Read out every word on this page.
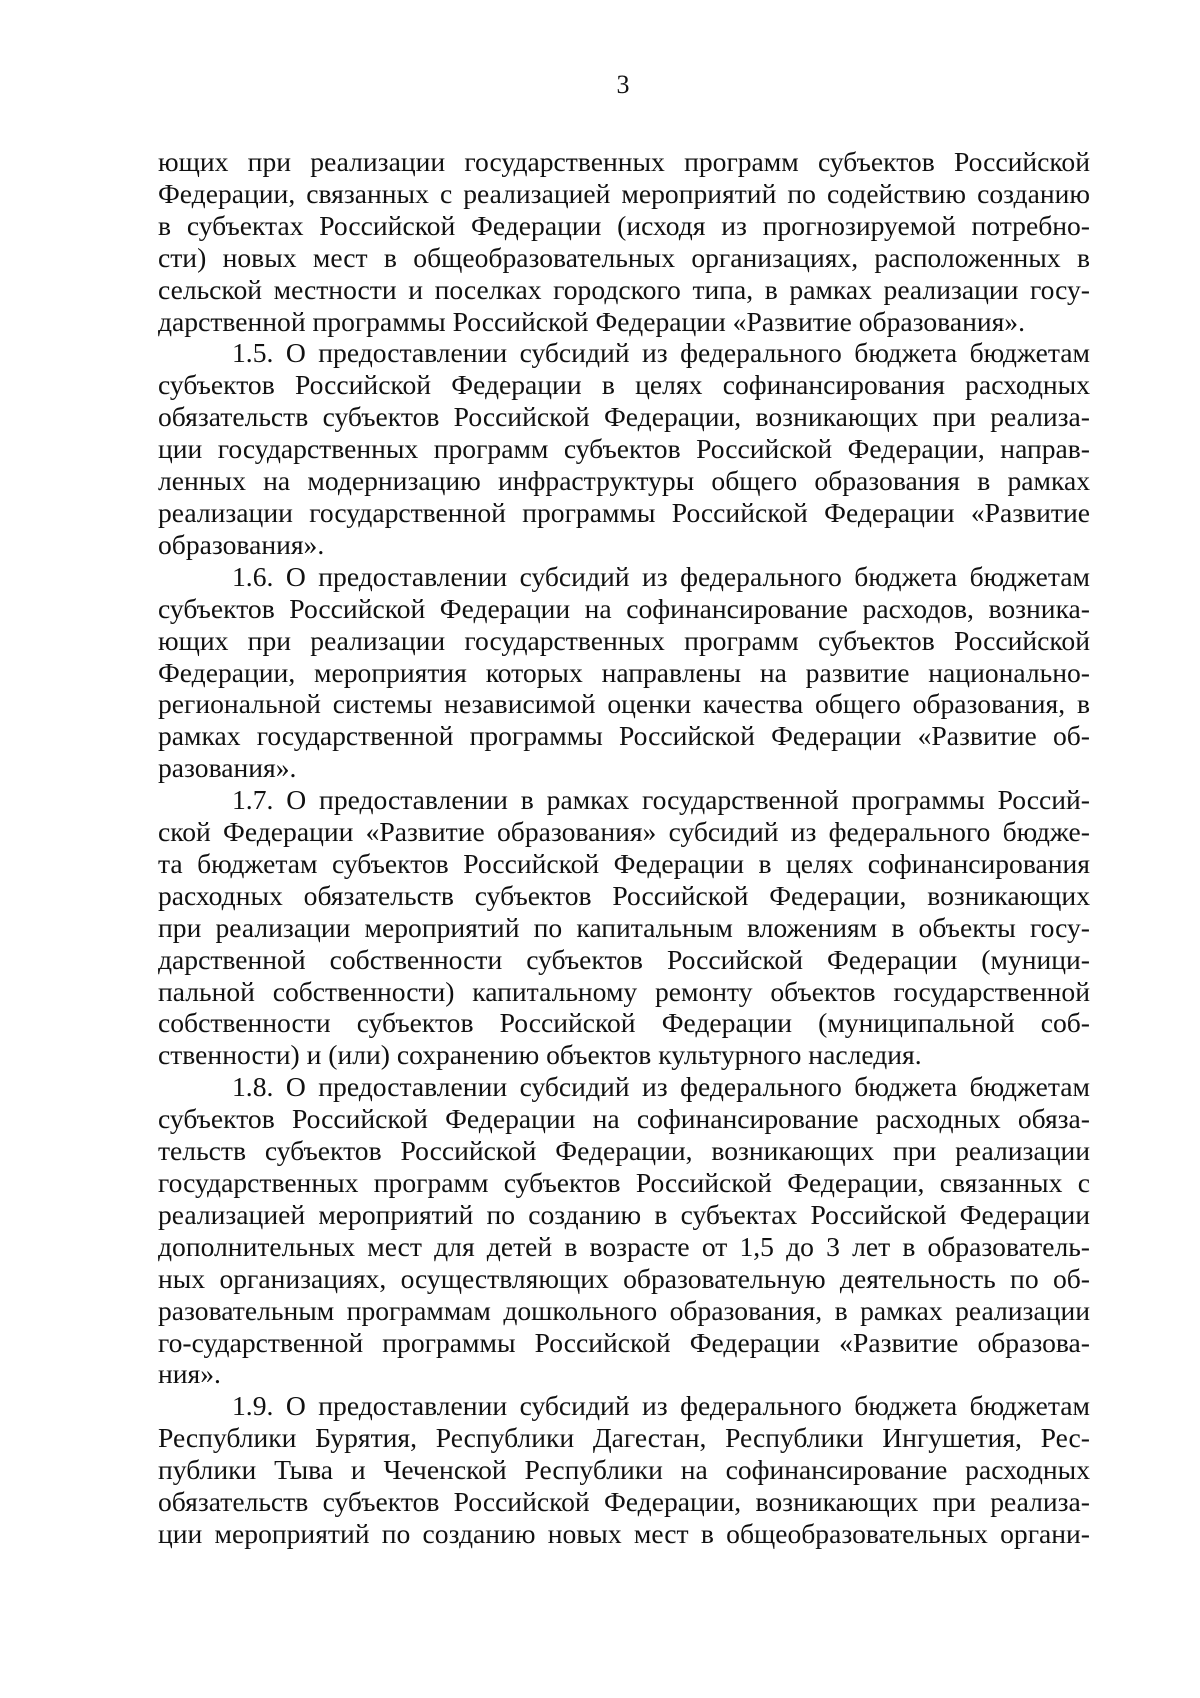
3
ющих при реализации государственных программ субъектов Российской
Федерации, связанных с реализацией мероприятий по содействию созданию
в субъектах Российской Федерации (исходя из прогнозируемой потребно-
сти) новых мест в общеобразовательных организациях, расположенных в
сельской местности и поселках городского типа, в рамках реализации госу-
дарственной программы Российской Федерации «Развитие образования».
1.5. О предоставлении субсидий из федерального бюджета бюджетам
субъектов Российской Федерации в целях софинансирования расходных
обязательств субъектов Российской Федерации, возникающих при реализа-
ции государственных программ субъектов Российской Федерации, направ-
ленных на модернизацию инфраструктуры общего образования в рамках
реализации государственной программы Российской Федерации «Развитие
образования».
1.6. О предоставлении субсидий из федерального бюджета бюджетам
субъектов Российской Федерации на софинансирование расходов, возника-
ющих при реализации государственных программ субъектов Российской
Федерации, мероприятия которых направлены на развитие национально-
региональной системы независимой оценки качества общего образования, в
рамках государственной программы Российской Федерации «Развитие об-
разования».
1.7. О предоставлении в рамках государственной программы Россий-
ской Федерации «Развитие образования» субсидий из федерального бюдже-
та бюджетам субъектов Российской Федерации в целях софинансирования
расходных обязательств субъектов Российской Федерации, возникающих
при реализации мероприятий по капитальным вложениям в объекты госу-
дарственной собственности субъектов Российской Федерации (муници-
пальной собственности) капитальному ремонту объектов государственной
собственности субъектов Российской Федерации (муниципальной соб-
ственности) и (или) сохранению объектов культурного наследия.
1.8. О предоставлении субсидий из федерального бюджета бюджетам
субъектов Российской Федерации на софинансирование расходных обяза-
тельств субъектов Российской Федерации, возникающих при реализации
государственных программ субъектов Российской Федерации, связанных с
реализацией мероприятий по созданию в субъектах Российской Федерации
дополнительных мест для детей в возрасте от 1,5 до 3 лет в образователь-
ных организациях, осуществляющих образовательную деятельность по об-
разовательным программам дошкольного образования, в рамках реализации
го-сударственной программы Российской Федерации «Развитие образова-
ния».
1.9. О предоставлении субсидий из федерального бюджета бюджетам
Республики Бурятия, Республики Дагестан, Республики Ингушетия, Рес-
публики Тыва и Чеченской Республики на софинансирование расходных
обязательств субъектов Российской Федерации, возникающих при реализа-
ции мероприятий по созданию новых мест в общеобразовательных органи-
